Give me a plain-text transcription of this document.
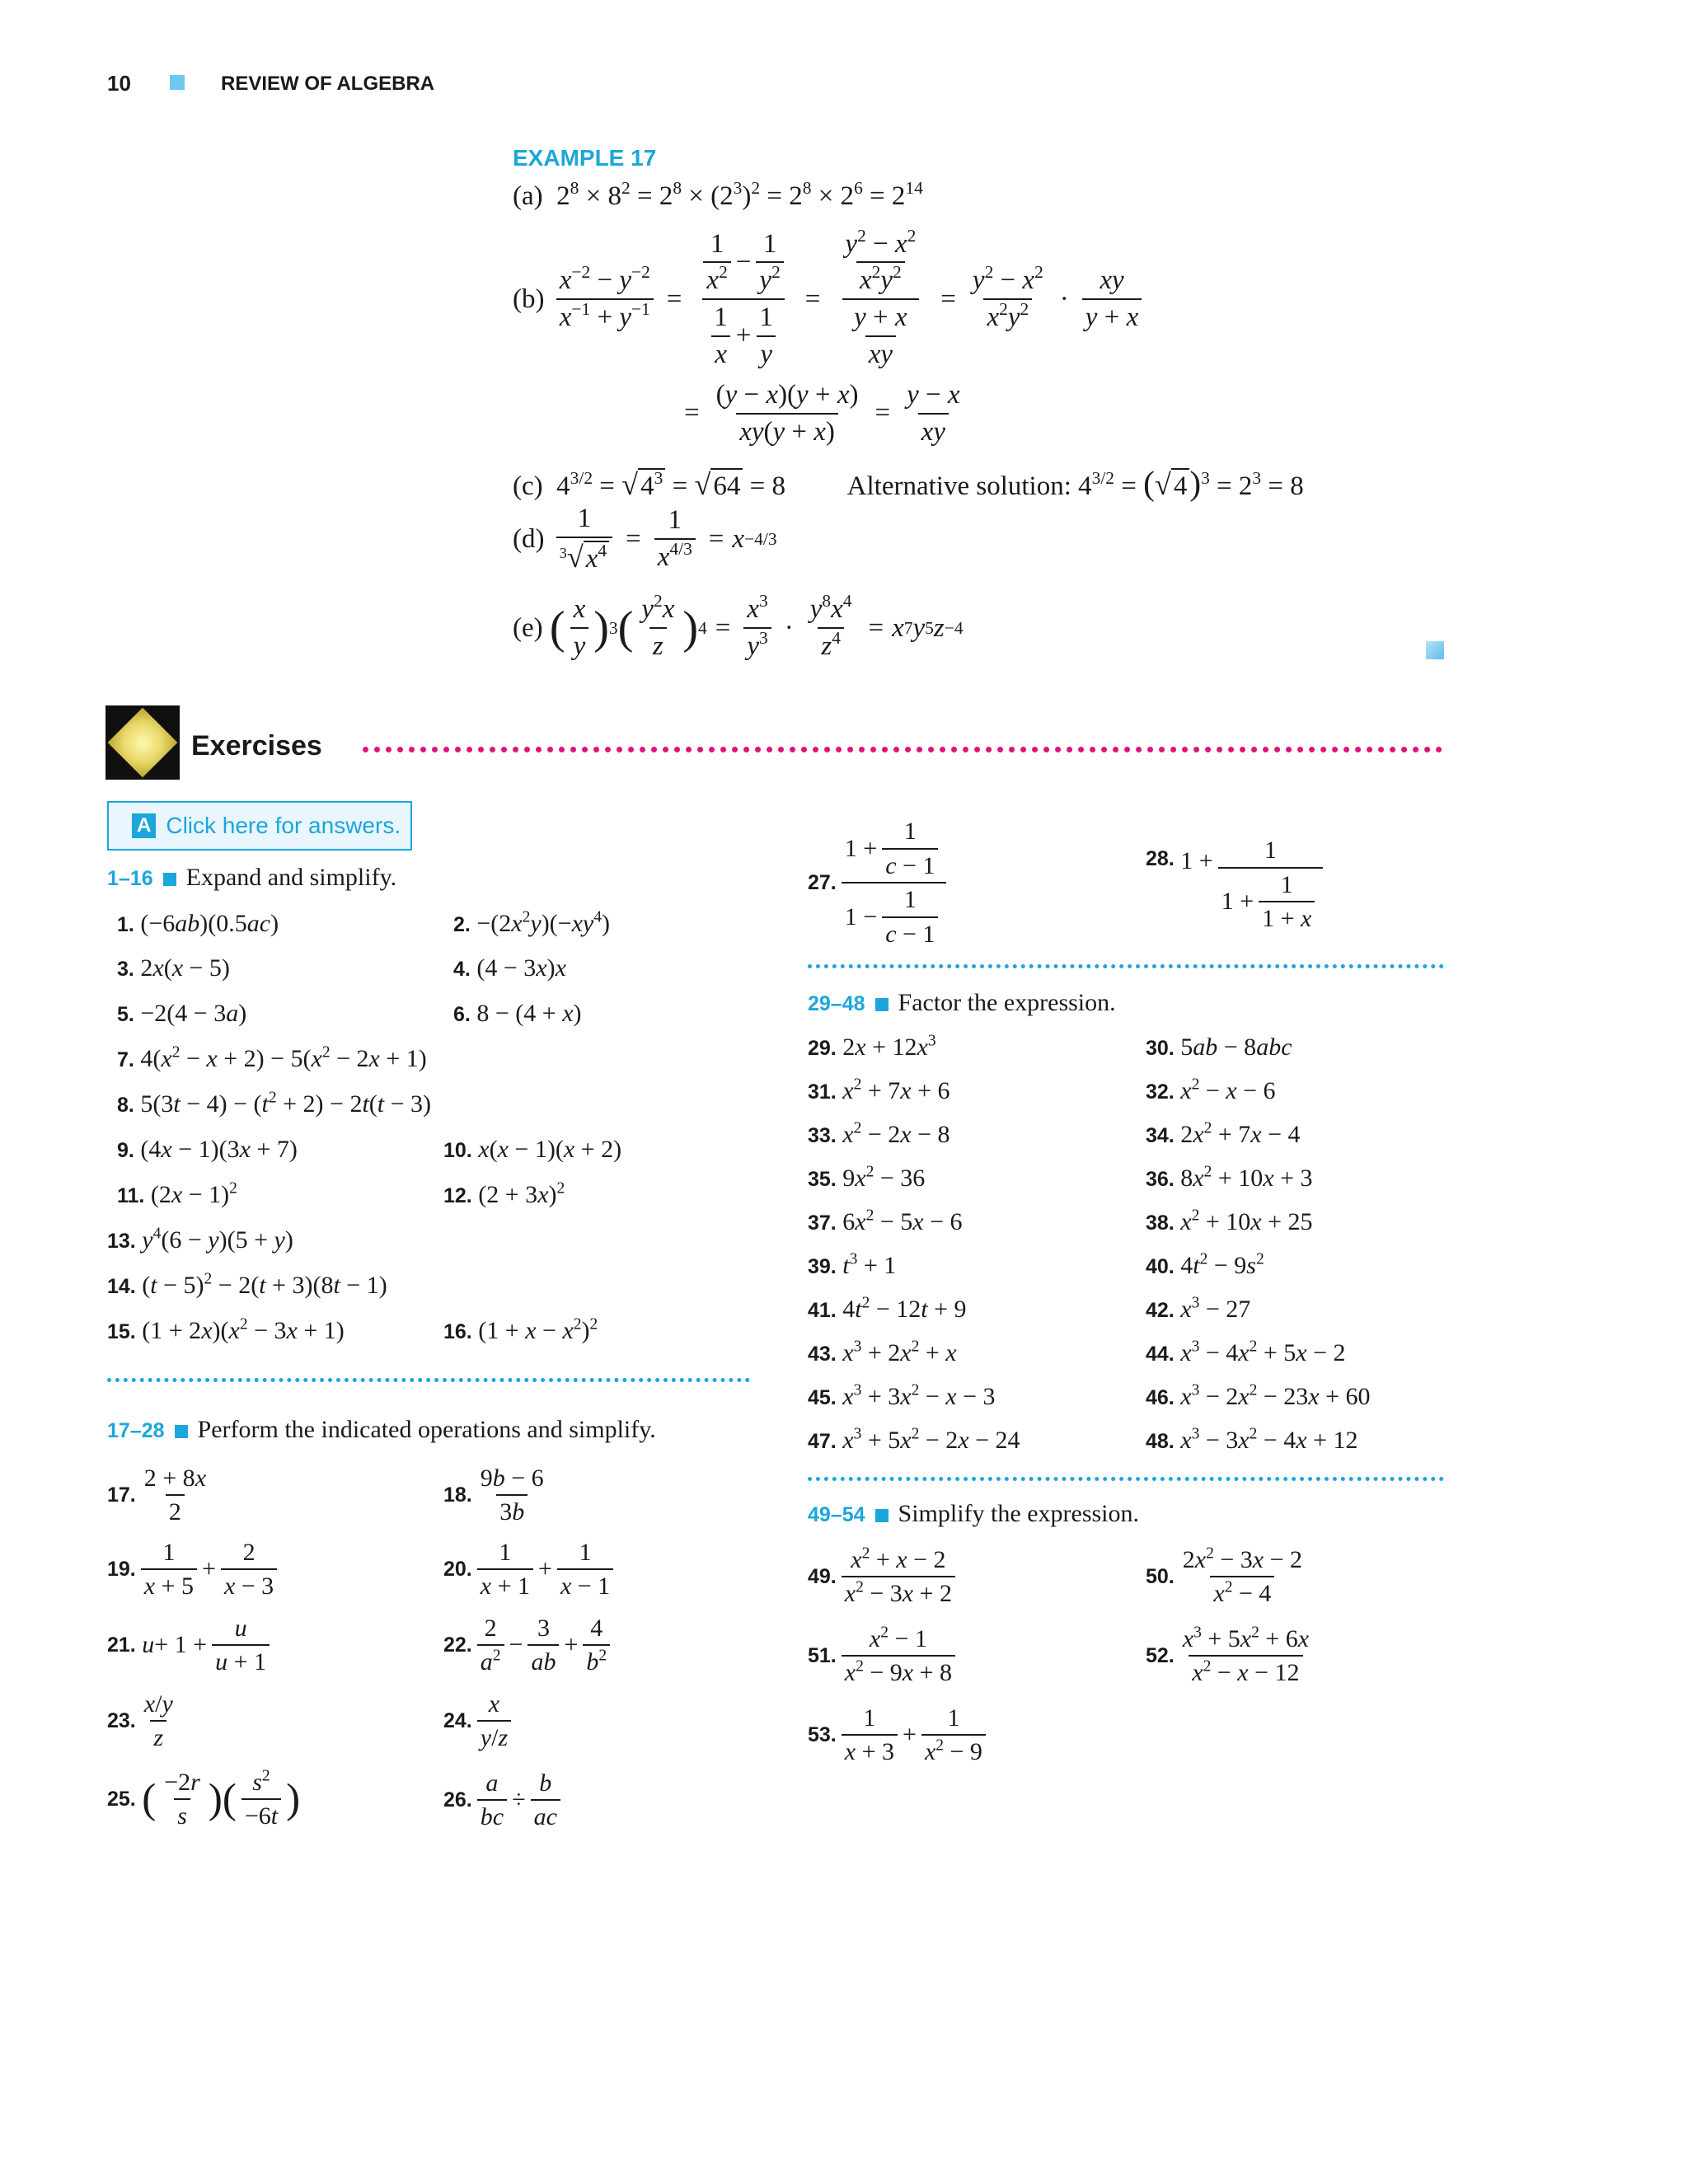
10	REVIEW OF ALGEBRA
EXAMPLE 17
(a)  $2^8 \times 8^2 = 2^8 \times (2^3)^2 = 2^8 \times 2^6 = 2^{14}$
(b)
$\frac{x^{-2} - y^{-2}}{x^{-1} + y^{-1}} = \frac{\frac{1}{x^2} - \frac{1}{y^2}}{\frac{1}{x} + \frac{1}{y}} = \frac{\frac{y^2 - x^2}{x^2y^2}}{\frac{y + x}{xy}} = \frac{y^2 - x^2}{x^2y^2} \cdot \frac{xy}{y + x}$
= $\frac{(y - x)(y + x)}{xy(y + x)} = \frac{y - x}{xy}$
(c)  $4^{3/2} = √4^3 = √64 = 8$  Alternative solution: $4^{3/2} = (√4)^3 = 2^3 = 8$
(d)
$\frac{1}{^3√x^4} = \frac{1}{x^{4/3}} = x -4/3$
(e)
( $\frac{x}{y}$ ) 3 ( $\frac{y^2x}{z}$ ) $4 = \frac{x^3}{y^3} \cdot \frac{y^8x^4}{z^4} = x$ 7 y 5 z −4
Exercises
A Click here for answers.
1–16 Expand and simplify.
1. (−6ab)(0.5ac)	2. $-(2x^2y)(-xy^4)$
3. 2x(x − 5)	4. (4 − 3x)x
5. −2(4 − 3a)	6. 8 − (4 + x)
7. $4(x^2 - x + 2) - 5(x^2 - 2x + 1)$
8. $5(3t - 4) - (t^2 + 2) - 2t(t - 3)$
9. (4x − 1)(3x + 7)	10. x(x − 1)(x + 2)
11. $(2x - 1)^2$	12. $(2 + 3x)^2$
13. $y^4(6 - y)(5 + y)$
14. $(t - 5)^2 - 2(t + 3)(8t - 1)$
15. $(1 + 2x)(x^2 - 3x + 1)$	16. $(1 + x - x^2)^2$
17–28 Perform the indicated operations and simplify.
17. $\frac{2 + 8x}{2}$	18. $\frac{9b - 6}{3b}$
19. $\frac{1}{x + 5} + \frac{2}{x - 3}$	20. $\frac{1}{x + 1} + \frac{1}{x - 1}$
21.
$u + 1 + \frac{u}{u + 1}$	22. $\frac{2}{a^2} - \frac{3}{ab} + \frac{4}{b^2}$
23. $\frac{x/y}{z}$	24. $\frac{x}{y/z}$
25.
( $\frac{-2r}{s}$ ) ( $\frac{s^2}{-6t}$ )	26. $\frac{a}{bc} \div \frac{b}{ac}$
27. $\frac{1 + \frac{1}{c - 1}}{1 - \frac{1}{c - 1}}$	28. $1 + \frac{1}{1 + \frac{1}{1 + x}}$
29–48 Factor the expression.
29. $2x + 12x^3$	30. 5ab − 8abc
31. $x^2 + 7x + 6$	32. $x^2 - x - 6$
33. $x^2 - 2x - 8$	34. $2x^2 + 7x - 4$
35. $9x^2 - 36$	36. $8x^2 + 10x + 3$
37. $6x^2 - 5x - 6$	38. $x^2 + 10x + 25$
39. $t^3 + 1$	40. $4t^2 - 9s^2$
41. $4t^2 - 12t + 9$	42. $x^3 - 27$
43. $x^3 + 2x^2 + x$	44. $x^3 - 4x^2 + 5x - 2$
45. $x^3 + 3x^2 - x - 3$	46. $x^3 - 2x^2 - 23x + 60$
47. $x^3 + 5x^2 - 2x - 24$	48. $x^3 - 3x^2 - 4x + 12$
49–54 Simplify the expression.
49. $\frac{x^2 + x - 2}{x^2 - 3x + 2}$	50. $\frac{2x^2 - 3x - 2}{x^2 - 4}$
51. $\frac{x^2 - 1}{x^2 - 9x + 8}$	52. $\frac{x^3 + 5x^2 + 6x}{x^2 - x - 12}$
53. $\frac{1}{x + 3} + \frac{1}{x^2 - 9}$
